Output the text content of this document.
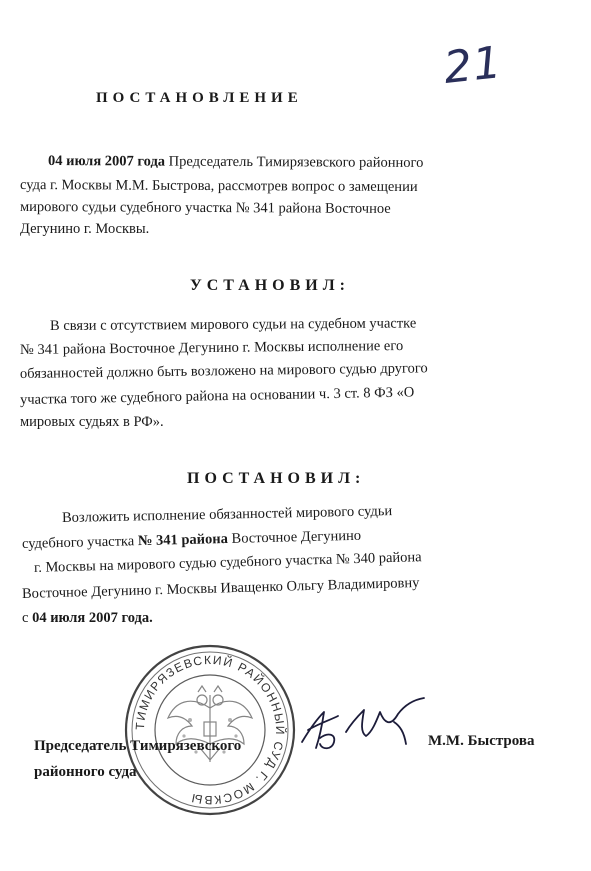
21
ПОСТАНОВЛЕНИЕ
04 июля 2007 года Председатель Тимирязевского районного
суда г. Москвы М.М. Быстрова, рассмотрев вопрос о замещении
мирового судьи судебного участка № 341 района Восточное
Дегунино г. Москвы.
УСТАНОВИЛ:
В связи с отсутствием мирового судьи на судебном участке
№ 341 района Восточное Дегунино г. Москвы исполнение его
обязанностей должно быть возложено на мирового судью другого
участка того же судебного района на основании ч. 3 ст. 8 ФЗ «О
мировых судьях в РФ».
ПОСТАНОВИЛ:
Возложить исполнение обязанностей мирового судьи
судебного участка № 341 района Восточное Дегунино
г. Москвы на мирового судью судебного участка № 340 района
Восточное Дегунино г. Москвы Иващенко Ольгу Владимировну
с 04 июля 2007 года.
ТИМИРЯЗЕВСКИЙ РАЙОННЫЙ СУД Г. МОСКВЫ
Председатель Тимирязевского
районного суда
М.М. Быстрова
